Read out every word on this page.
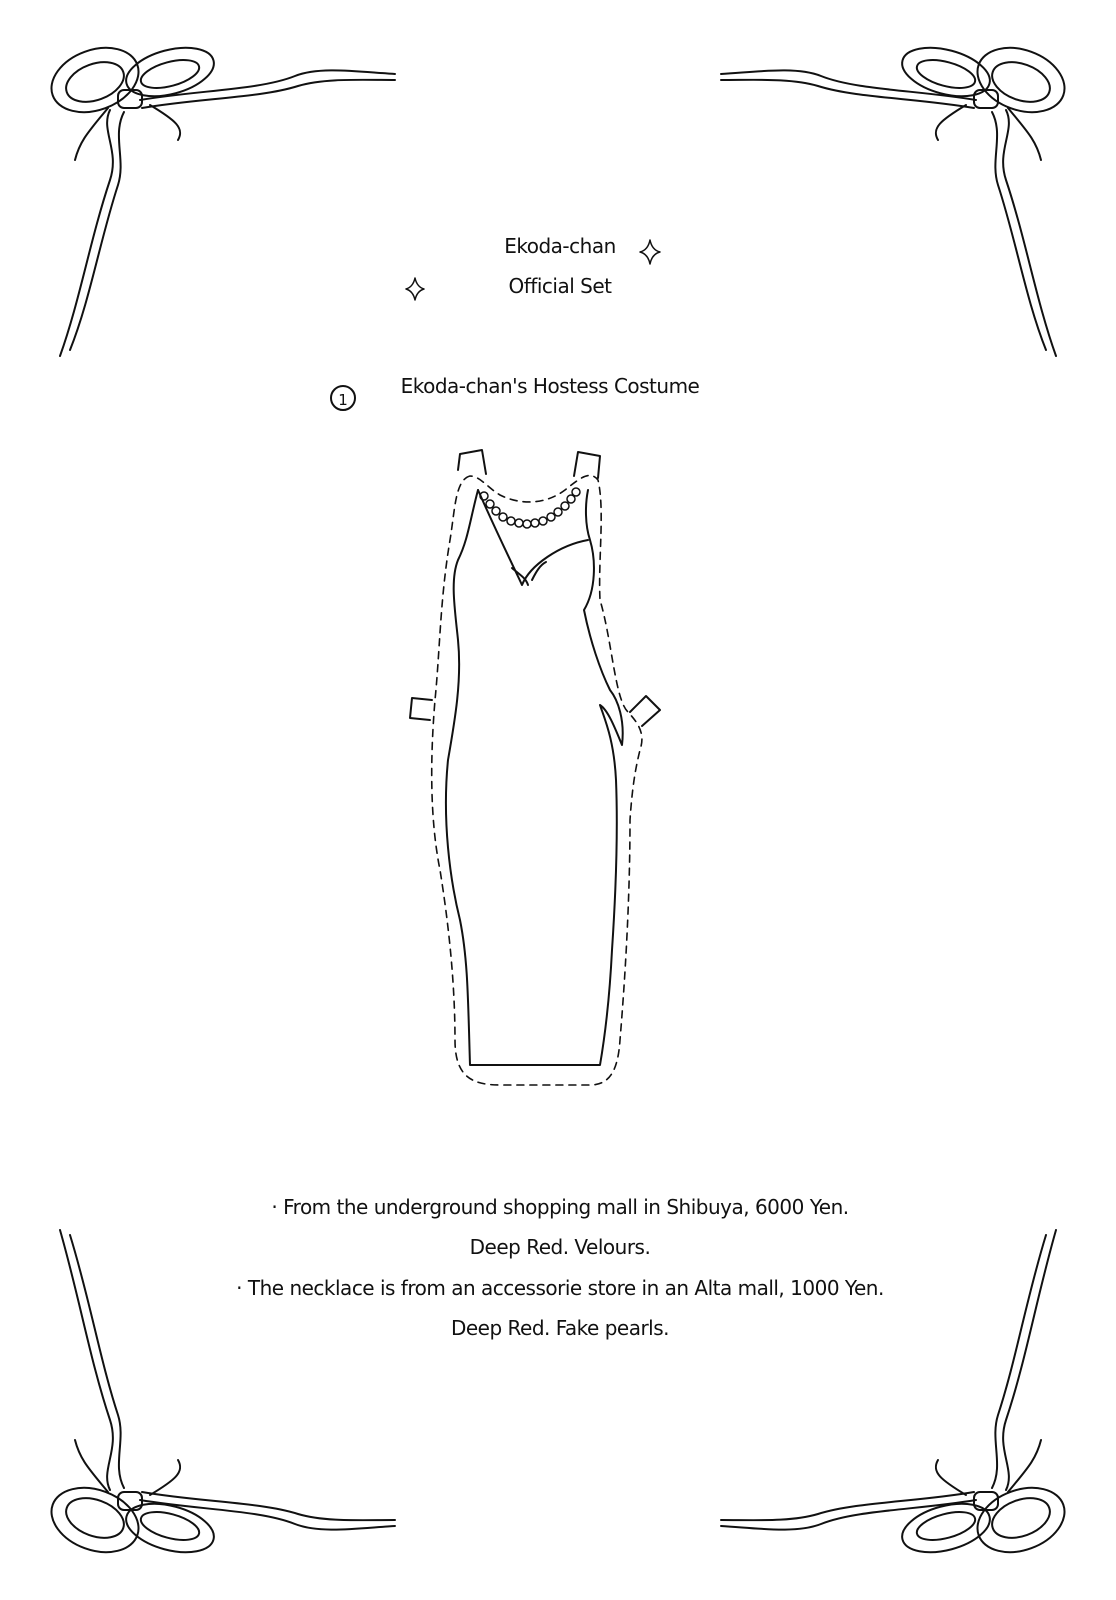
Ekoda-chan
Official Set
1
Ekoda-chan's Hostess Costume
· From the underground shopping mall in Shibuya, 6000 Yen.
Deep Red. Velours.
· The necklace is from an accessorie store in an Alta mall, 1000 Yen.
Deep Red. Fake pearls.
